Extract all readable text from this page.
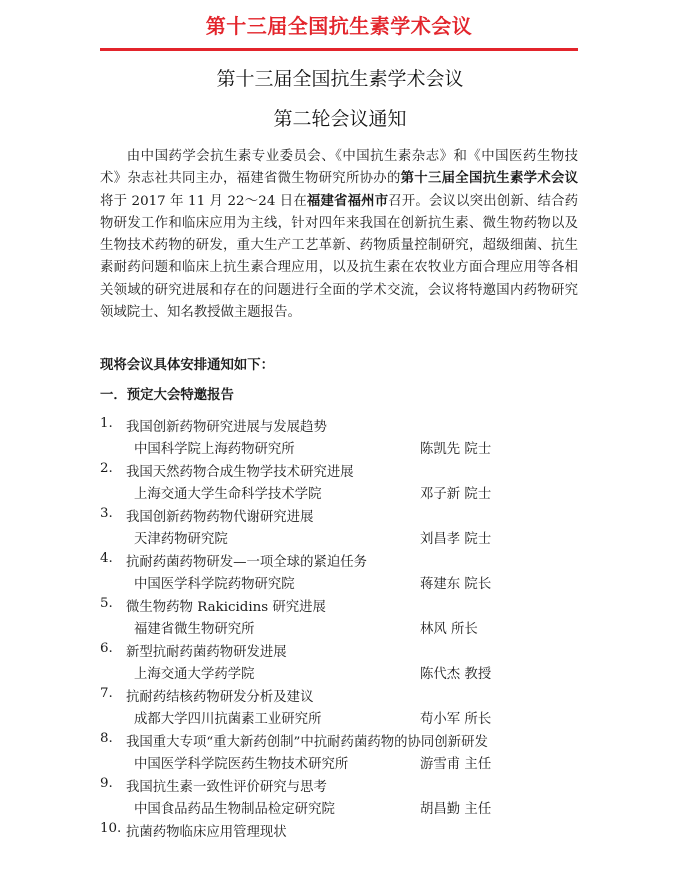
第十三届全国抗生素学术会议
第十三届全国抗生素学术会议
第二轮会议通知

由中国药学会抗生素专业委员会、《中国抗生素杂志》和《中国医药生物技术》杂志社共同主办，福建省微生物研究所协办的第十三届全国抗生素学术会议将于 2017 年 11 月 22～24 日在福建省福州市召开。会议以突出创新、结合药物研发工作和临床应用为主线，针对四年来我国在创新抗生素、微生物药物以及生物技术药物的研发，重大生产工艺革新、药物质量控制研究，超级细菌、抗生素耐药问题和临床上抗生素合理应用，以及抗生素在农牧业方面合理应用等各相关领域的研究进展和存在的问题进行全面的学术交流，会议将特邀国内药物研究领域院士、知名教授做主题报告。

现将会议具体安排通知如下：
一．预定大会特邀报告
1. 我国创新药物研究进展与发展趋势
中国科学院上海药物研究所	陈凯先 院士
2. 我国天然药物合成生物学技术研究进展
上海交通大学生命科学技术学院	邓子新 院士
3. 我国创新药物药物代谢研究进展
天津药物研究院	刘昌孝 院士
4. 抗耐药菌药物研发—一项全球的紧迫任务
中国医学科学院药物研究院	蒋建东 院长
5. 微生物药物 Rakicidins 研究进展
福建省微生物研究所	林风 所长
6. 新型抗耐药菌药物研发进展
上海交通大学药学院	陈代杰 教授
7. 抗耐药结核药物研发分析及建议
成都大学四川抗菌素工业研究所	苟小军 所长
8. 我国重大专项“重大新药创制”中抗耐药菌药物的协同创新研发
中国医学科学院医药生物技术研究所	游雪甫 主任
9. 我国抗生素一致性评价研究与思考
中国食品药品生物制品检定研究院	胡昌勤 主任
10. 抗菌药物临床应用管理现状
